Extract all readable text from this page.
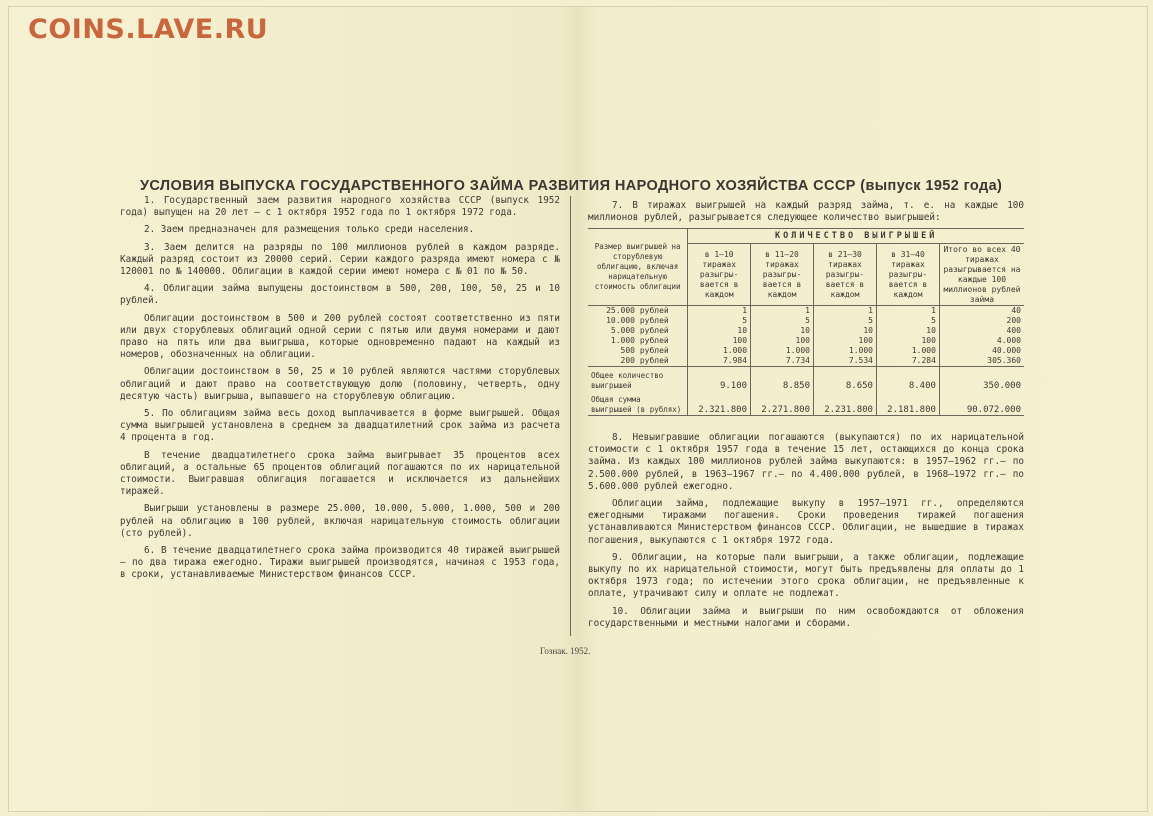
COINS.LAVE.RU
УСЛОВИЯ ВЫПУСКА ГОСУДАРСТВЕННОГО ЗАЙМА РАЗВИТИЯ НАРОДНОГО ХОЗЯЙСТВА СССР (выпуск 1952 года)

1. Государственный заем развития народного хозяйства СССР (выпуск 1952 года) выпущен на 20 лет — с 1 октября 1952 года по 1 октября 1972 года.

2. Заем предназначен для размещения только среди населения.

3. Заем делится на разряды по 100 миллионов рублей в каждом разряде. Каждый разряд состоит из 20000 серий. Серии каждого разряда имеют номера с № 120001 по № 140000. Облигации в каждой серии имеют номера с № 01 по № 50.

4. Облигации займа выпущены достоинством в 500, 200, 100, 50, 25 и 10 рублей.

Облигации достоинством в 500 и 200 рублей состоят соответственно из пяти или двух сторублевых облигаций одной серии с пятью или двумя номерами и дают право на пять или два выигрыша, которые одновременно падают на каждый из номеров, обозначенных на облигации.

Облигации достоинством в 50, 25 и 10 рублей являются частями сторублевых облигаций и дают право на соответствующую долю (половину, четверть, одну десятую часть) выигрыша, выпавшего на сторублевую облигацию.

5. По облигациям займа весь доход выплачивается в форме выигрышей. Общая сумма выигрышей установлена в среднем за двадцатилетний срок займа из расчета 4 процента в год.

В течение двадцатилетнего срока займа выигрывает 35 процентов всех облигаций, а остальные 65 процентов облигаций погашаются по их нарицательной стоимости. Выигравшая облигация погашается и исключается из дальнейших тиражей.

Выигрыши установлены в размере 25.000, 10.000, 5.000, 1.000, 500 и 200 рублей на облигацию в 100 рублей, включая нарицательную стоимость облигации (сто рублей).

6. В течение двадцатилетнего срока займа производится 40 тиражей выигрышей — по два тиража ежегодно. Тиражи выигрышей производятся, начиная с 1953 года, в сроки, устанавливаемые Министерством финансов СССР.

7. В тиражах выигрышей на каждый разряд займа, т. е. на каждые 100 миллионов рублей, разыгрывается следующее количество выигрышей:

Размер выигрышей на сторублевую облигацию, включая нарицательную стоимость облигации	КОЛИЧЕСТВО ВЫИГРЫШЕЙ				
	в 1—10 тиражах разыгры-вается в каждом	в 11—20 тиражах разыгры-вается в каждом	в 21—30 тиражах разыгры-вается в каждом	в 31—40 тиражах разыгры-вается в каждом	Итого во всех 40 тиражах разыгрывается на каждые 100 миллионов рублей займа
25.000 рублей	1	1	1	1	40
10.000 рублей	5	5	5	5	200
5.000 рублей	10	10	10	10	400
1.000 рублей	100	100	100	100	4.000
500 рублей	1.000	1.000	1.000	1.000	40.000
200 рублей	7.984	7.734	7.534	7.284	305.360
Общее количество выигрышей	9.100	8.850	8.650	8.400	350.000
Общая сумма выигрышей (в рублях)	2.321.800	2.271.800	2.231.800	2.181.800	90.072.000

8. Невыигравшие облигации погашаются (выкупаются) по их нарицательной стоимости с 1 октября 1957 года в течение 15 лет, остающихся до конца срока займа. Из каждых 100 миллионов рублей займа выкупаются: в 1957—1962 гг.— по 2.500.000 рублей, в 1963—1967 гг.— по 4.400.000 рублей, в 1968—1972 гг.— по 5.600.000 рублей ежегодно.

Облигации займа, подлежащие выкупу в 1957—1971 гг., определяются ежегодными тиражами погашения. Сроки проведения тиражей погашения устанавливаются Министерством финансов СССР. Облигации, не вышедшие в тиражах погашения, выкупаются с 1 октября 1972 года.

9. Облигации, на которые пали выигрыши, а также облигации, подлежащие выкупу по их нарицательной стоимости, могут быть предъявлены для оплаты до 1 октября 1973 года; по истечении этого срока облигации, не предъявленные к оплате, утрачивают силу и оплате не подлежат.

10. Облигации займа и выигрыши по ним освобождаются от обложения государственными и местными налогами и сборами.

Гознак. 1952.
